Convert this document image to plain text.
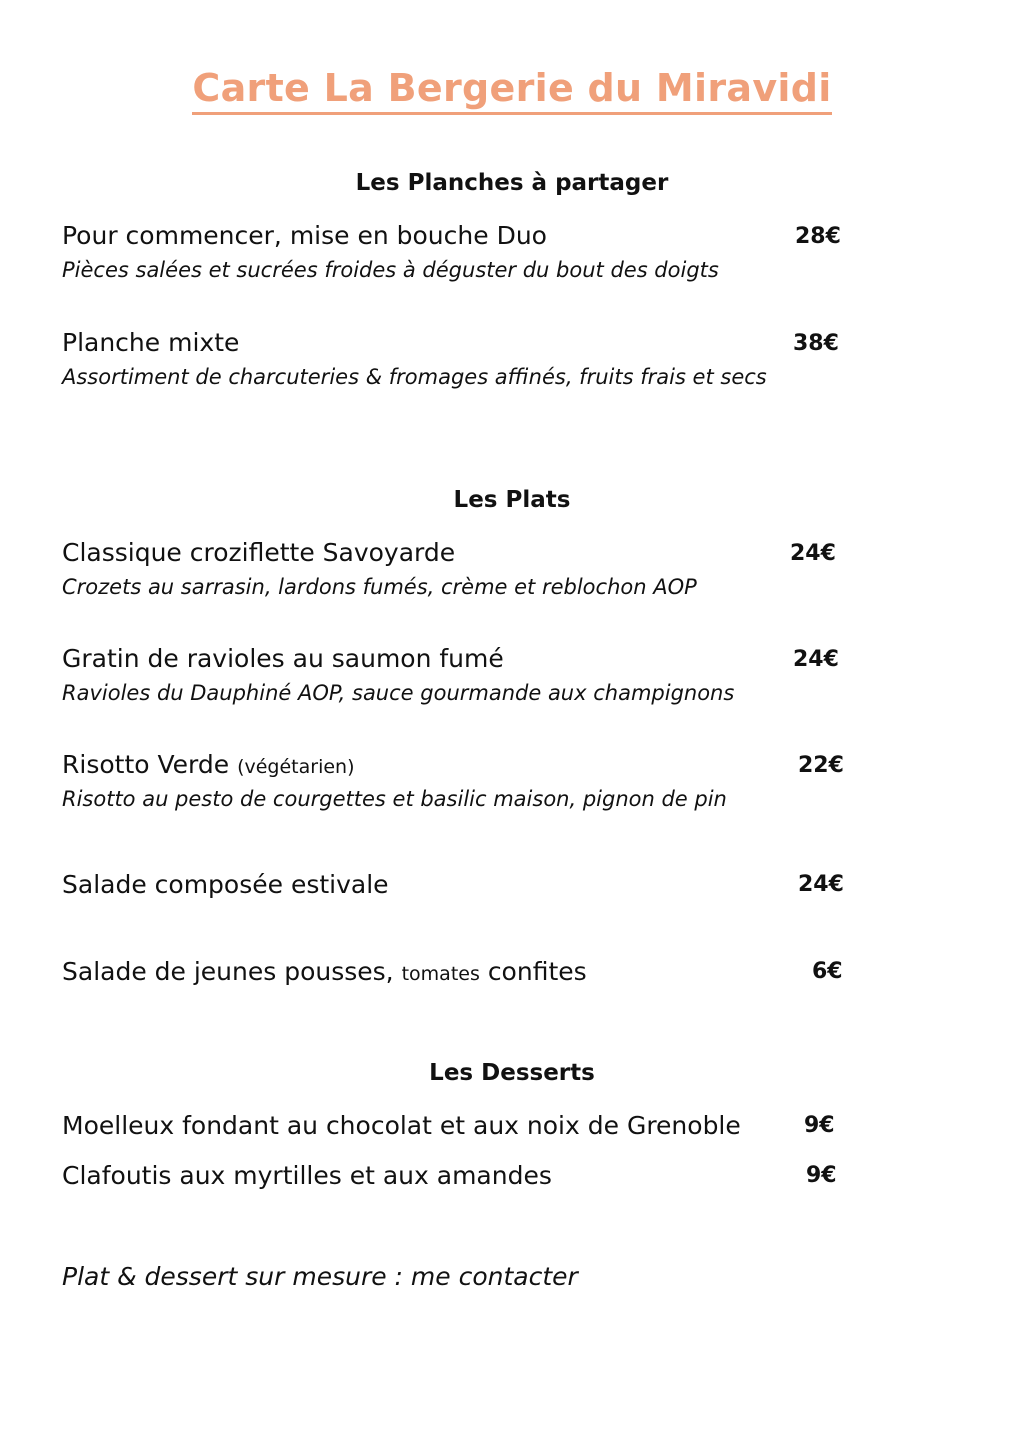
Carte La Bergerie du Miravidi
Les Planches à partager
Pour commencer, mise en bouche Duo	28€
Pièces salées et sucrées froides à déguster du bout des doigts
Planche mixte	38€
Assortiment de charcuteries & fromages affinés, fruits frais et secs
Les Plats
Classique croziflette Savoyarde	24€
Crozets au sarrasin, lardons fumés, crème et reblochon AOP
Gratin de ravioles au saumon fumé	24€
Ravioles du Dauphiné AOP, sauce gourmande aux champignons
Risotto Verde (végétarien)	22€
Risotto au pesto de courgettes et basilic maison, pignon de pin
Salade composée estivale	24€
Salade de jeunes pousses, tomates confites	6€
Les Desserts
Moelleux fondant au chocolat et aux noix de Grenoble	9€
Clafoutis aux myrtilles et aux amandes	9€
Plat & dessert sur mesure : me contacter
